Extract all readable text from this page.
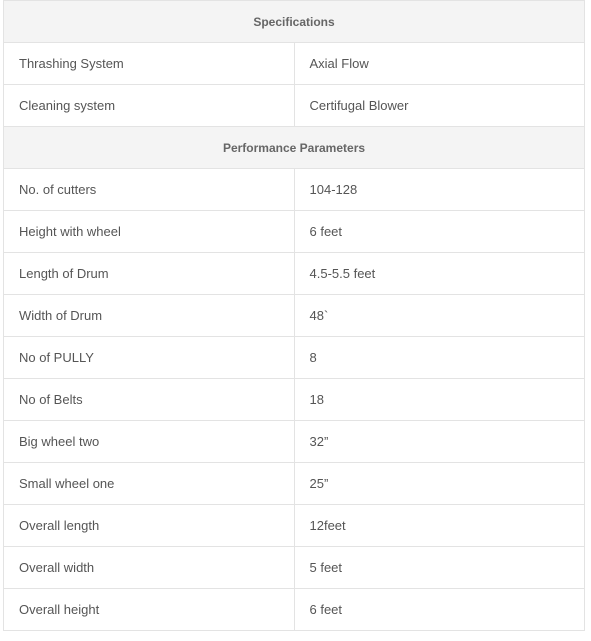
Specifications	
Thrashing System	Axial Flow
Cleaning system	Certifugal Blower
Performance Parameters	
No. of cutters	104-128
Height with wheel	6 feet
Length of Drum	4.5-5.5 feet
Width of Drum	48`
No of PULLY	8
No of Belts	18
Big wheel two	32”
Small wheel one	25”
Overall length	12feet
Overall width	5 feet
Overall height	6 feet
